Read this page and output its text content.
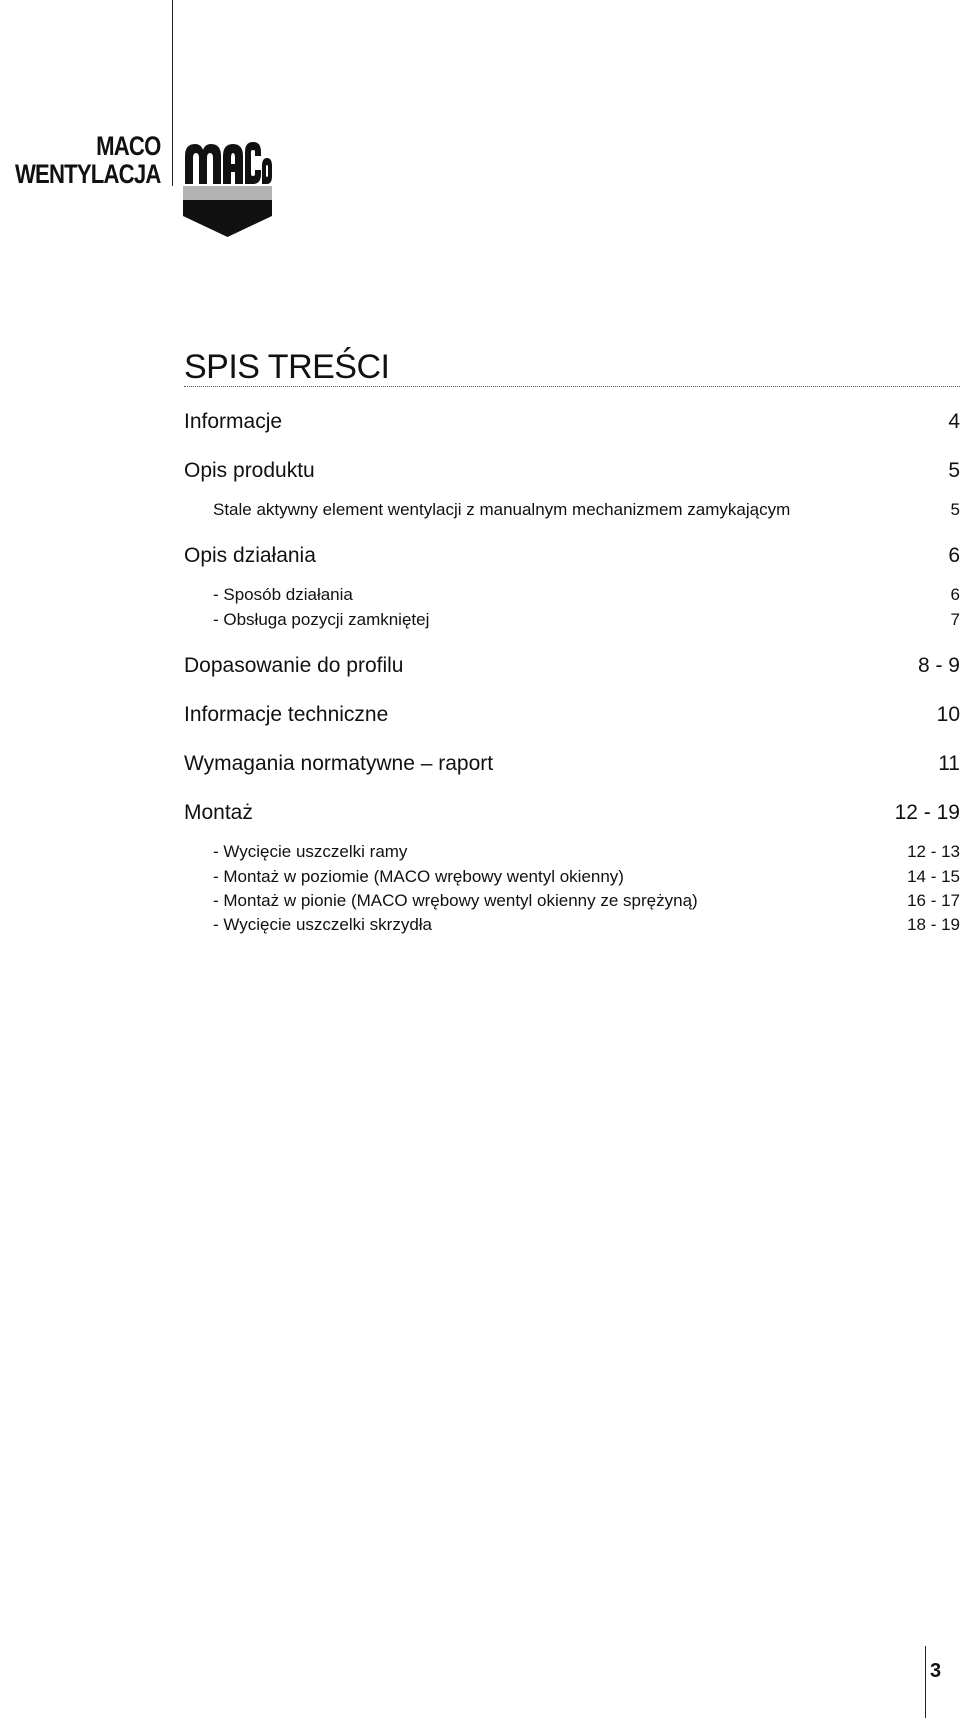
MACO
WENTYLACJA
SPIS TREŚCI
Informacje	4
Opis produktu	5
Stale aktywny element wentylacji z manualnym mechanizmem zamykającym	5
Opis działania	6
- Sposób działania	6
- Obsługa pozycji zamkniętej	7
Dopasowanie do profilu	8 - 9
Informacje techniczne	10
Wymagania normatywne – raport	11
Montaż	12 - 19
- Wycięcie uszczelki ramy	12 - 13
- Montaż w poziomie (MACO wrębowy wentyl okienny)	14 - 15
- Montaż w pionie (MACO wrębowy wentyl okienny ze sprężyną)	16 - 17
- Wycięcie uszczelki skrzydła	18 - 19
3
